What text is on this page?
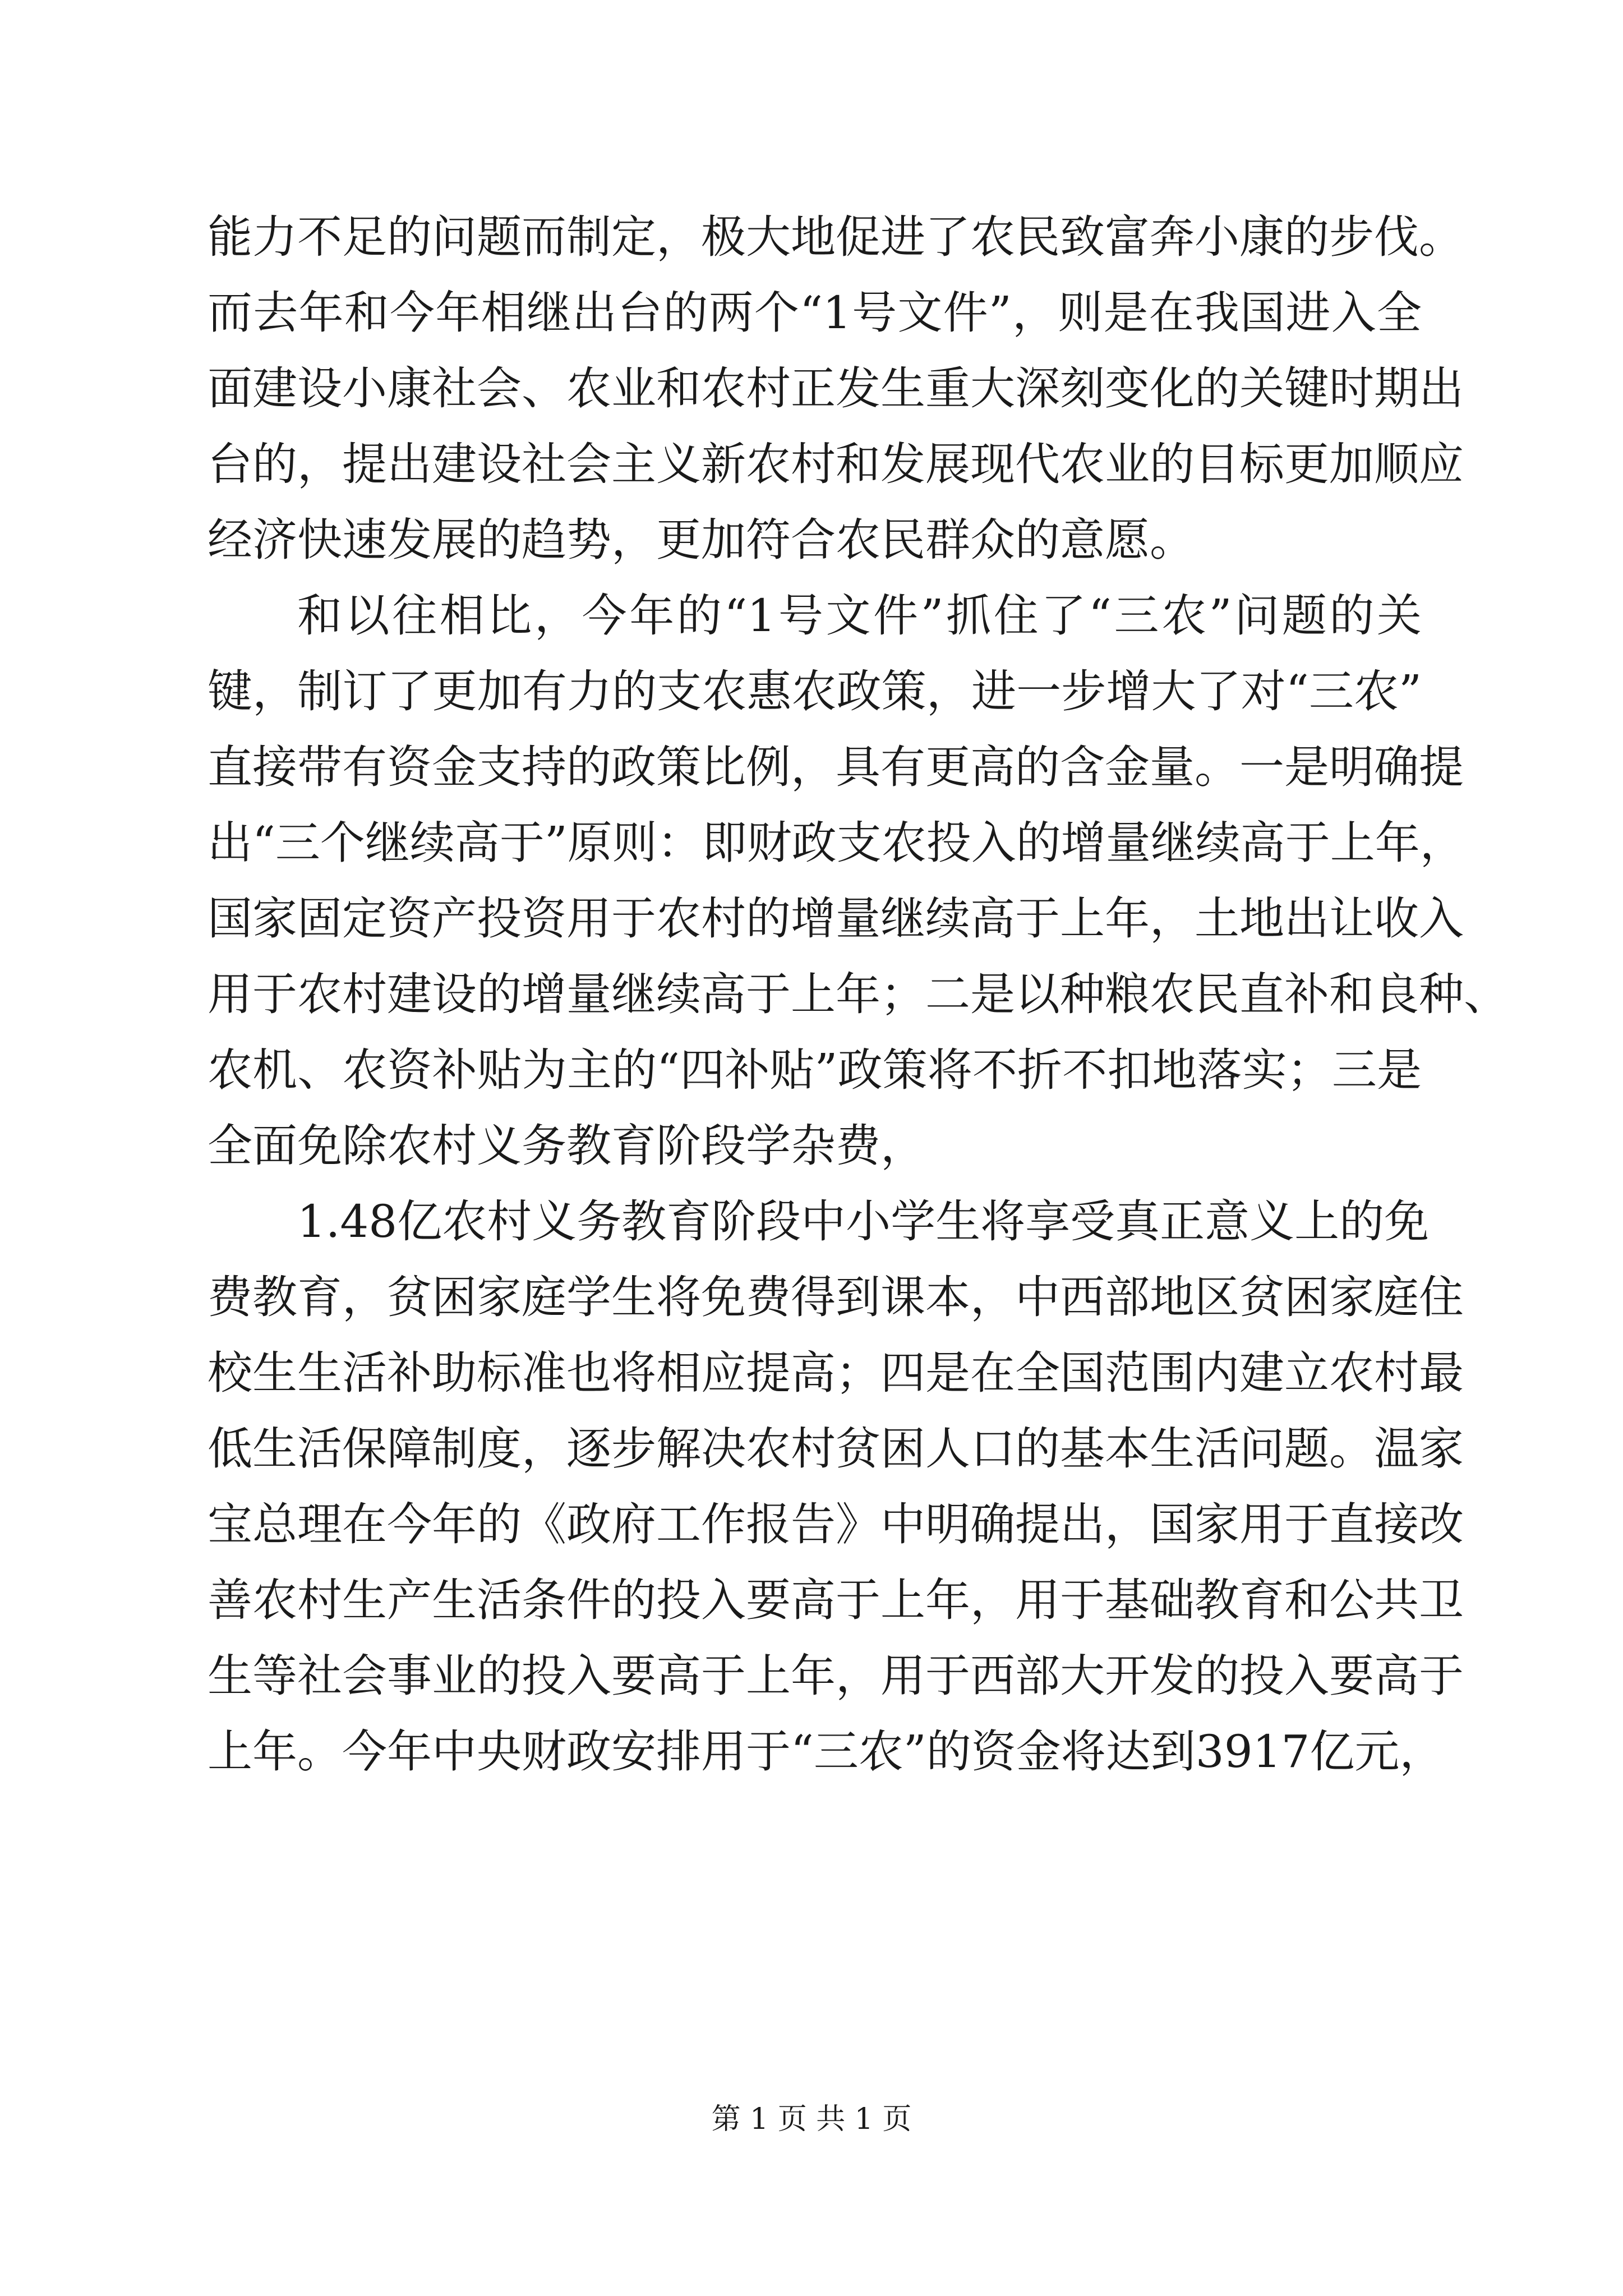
能力不足的问题而制定，极大地促进了农民致富奔小康的步伐。
而去年和今年相继出台的两个“1号文件”，则是在我国进入全
面建设小康社会、农业和农村正发生重大深刻变化的关键时期出
台的，提出建设社会主义新农村和发展现代农业的目标更加顺应
经济快速发展的趋势，更加符合农民群众的意愿。
和以往相比，今年的“1号文件”抓住了“三农”问题的关
键，制订了更加有力的支农惠农政策，进一步增大了对“三农”
直接带有资金支持的政策比例，具有更高的含金量。一是明确提
出“三个继续高于”原则：即财政支农投入的增量继续高于上年，
国家固定资产投资用于农村的增量继续高于上年，土地出让收入
用于农村建设的增量继续高于上年；二是以种粮农民直补和良种、
农机、农资补贴为主的“四补贴”政策将不折不扣地落实；三是
全面免除农村义务教育阶段学杂费，
1.48亿农村义务教育阶段中小学生将享受真正意义上的免
费教育，贫困家庭学生将免费得到课本，中西部地区贫困家庭住
校生生活补助标准也将相应提高；四是在全国范围内建立农村最
低生活保障制度，逐步解决农村贫困人口的基本生活问题。温家
宝总理在今年的《政府工作报告》中明确提出，国家用于直接改
善农村生产生活条件的投入要高于上年，用于基础教育和公共卫
生等社会事业的投入要高于上年，用于西部大开发的投入要高于
上年。今年中央财政安排用于“三农”的资金将达到3917亿元，
第 1 页 共 1 页
